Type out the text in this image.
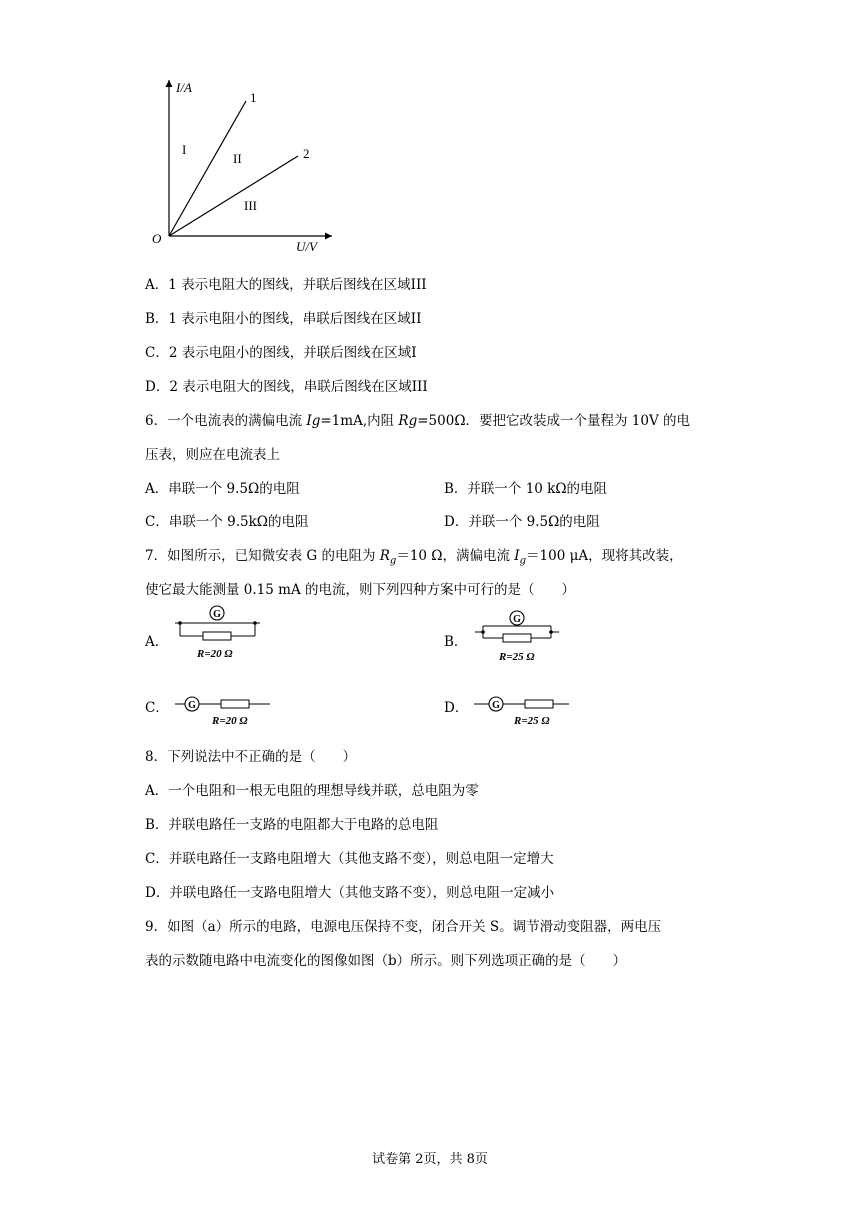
I/A
U/V
O
1
2
I
II
III
A．1 表示电阻大的图线，并联后图线在区域III
B．1 表示电阻小的图线，串联后图线在区域II
C．2 表示电阻小的图线，并联后图线在区域I
D．2 表示电阻大的图线，串联后图线在区域III
6．一个电流表的满偏电流 Ig=1mA,内阻 Rg=500Ω．要把它改装成一个量程为 10V 的电
压表，则应在电流表上
A．串联一个 9.5Ω的电阻	B．并联一个 10 kΩ的电阻
C．串联一个 9.5kΩ的电阻	D．并联一个 9.5Ω的电阻
7．如图所示，已知微安表 G 的电阻为 $R_g=10$ Ω，满偏电流 $I_g=100$ μA，现将其改装，
使它最大能测量 0.15 mA 的电流，则下列四种方案中可行的是（　　）
A．	B．
C．	D．
G
R=20 Ω
G
R=25 Ω
G
R=20 Ω
G
R=25 Ω
8．下列说法中不正确的是（　　）
A．一个电阻和一根无电阻的理想导线并联，总电阻为零
B．并联电路任一支路的电阻都大于电路的总电阻
C．并联电路任一支路电阻增大（其他支路不变），则总电阻一定增大
D．并联电路任一支路电阻增大（其他支路不变），则总电阻一定减小
9．如图（a）所示的电路，电源电压保持不变，闭合开关 S。调节滑动变阻器，两电压
表的示数随电路中电流变化的图像如图（b）所示。则下列选项正确的是（　　）
试卷第 2页，共 8页
